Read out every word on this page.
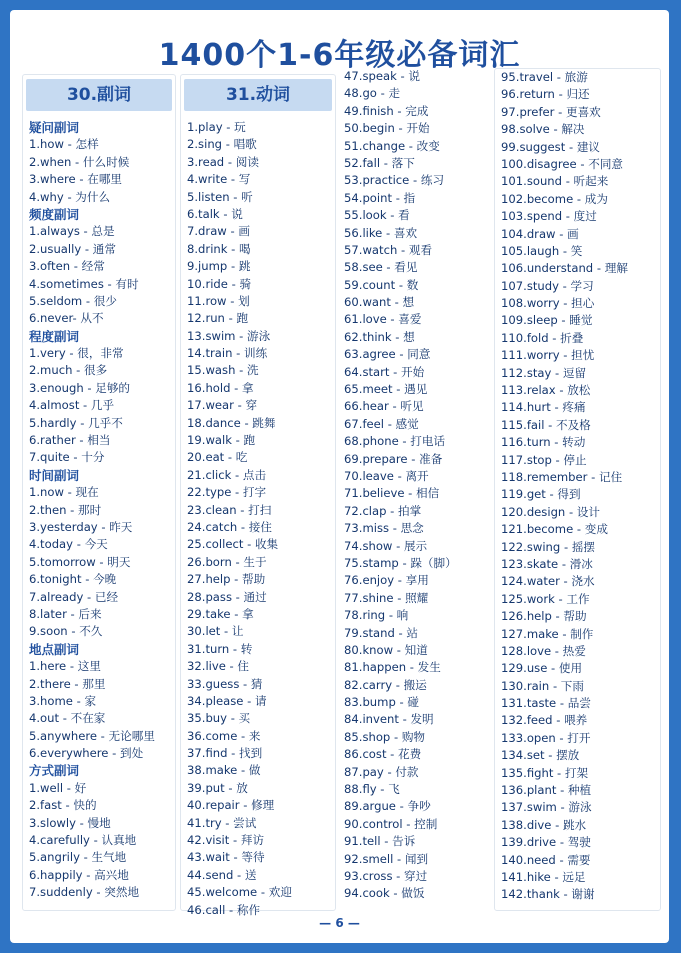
1400个1-6年级必备词汇
30.副词
疑问副词
1.how - 怎样
2.when - 什么时候
3.where - 在哪里
4.why - 为什么
频度副词
1.always - 总是
2.usually - 通常
3.often - 经常
4.sometimes - 有时
5.seldom - 很少
6.never- 从不
程度副词
1.very - 很，非常
2.much - 很多
3.enough - 足够的
4.almost - 几乎
5.hardly - 几乎不
6.rather - 相当
7.quite - 十分
时间副词
1.now - 现在
2.then - 那时
3.yesterday - 昨天
4.today - 今天
5.tomorrow - 明天
6.tonight - 今晚
7.already - 已经
8.later - 后来
9.soon - 不久
地点副词
1.here - 这里
2.there - 那里
3.home - 家
4.out - 不在家
5.anywhere - 无论哪里
6.everywhere - 到处
方式副词
1.well - 好
2.fast - 快的
3.slowly - 慢地
4.carefully - 认真地
5.angrily - 生气地
6.happily - 高兴地
7.suddenly - 突然地
31.动词
1.play - 玩
2.sing - 唱歌
3.read - 阅读
4.write - 写
5.listen - 听
6.talk - 说
7.draw - 画
8.drink - 喝
9.jump - 跳
10.ride - 骑
11.row - 划
12.run - 跑
13.swim - 游泳
14.train - 训练
15.wash - 洗
16.hold - 拿
17.wear - 穿
18.dance - 跳舞
19.walk - 跑
20.eat - 吃
21.click - 点击
22.type - 打字
23.clean - 打扫
24.catch - 接住
25.collect - 收集
26.born - 生于
27.help - 帮助
28.pass - 通过
29.take - 拿
30.let - 让
31.turn - 转
32.live - 住
33.guess - 猜
34.please - 请
35.buy - 买
36.come - 来
37.find - 找到
38.make - 做
39.put - 放
40.repair - 修理
41.try - 尝试
42.visit - 拜访
43.wait - 等待
44.send - 送
45.welcome - 欢迎
46.call - 称作
47.speak - 说
48.go - 走
49.finish - 完成
50.begin - 开始
51.change - 改变
52.fall - 落下
53.practice - 练习
54.point - 指
55.look - 看
56.like - 喜欢
57.watch - 观看
58.see - 看见
59.count - 数
60.want - 想
61.love - 喜爱
62.think - 想
63.agree - 同意
64.start - 开始
65.meet - 遇见
66.hear - 听见
67.feel - 感觉
68.phone - 打电话
69.prepare - 准备
70.leave - 离开
71.believe - 相信
72.clap - 拍掌
73.miss - 思念
74.show - 展示
75.stamp - 跺（脚）
76.enjoy - 享用
77.shine - 照耀
78.ring - 响
79.stand - 站
80.know - 知道
81.happen - 发生
82.carry - 搬运
83.bump - 碰
84.invent - 发明
85.shop - 购物
86.cost - 花费
87.pay - 付款
88.fly - 飞
89.argue - 争吵
90.control - 控制
91.tell - 告诉
92.smell - 闻到
93.cross - 穿过
94.cook - 做饭
95.travel - 旅游
96.return - 归还
97.prefer - 更喜欢
98.solve - 解决
99.suggest - 建议
100.disagree - 不同意
101.sound - 听起来
102.become - 成为
103.spend - 度过
104.draw - 画
105.laugh - 笑
106.understand - 理解
107.study - 学习
108.worry - 担心
109.sleep - 睡觉
110.fold - 折叠
111.worry - 担忧
112.stay - 逗留
113.relax - 放松
114.hurt - 疼痛
115.fail - 不及格
116.turn - 转动
117.stop - 停止
118.remember - 记住
119.get - 得到
120.design - 设计
121.become - 变成
122.swing - 摇摆
123.skate - 滑冰
124.water - 浇水
125.work - 工作
126.help - 帮助
127.make - 制作
128.love - 热爱
129.use - 使用
130.rain - 下雨
131.taste - 品尝
132.feed - 喂养
133.open - 打开
134.set - 摆放
135.fight - 打架
136.plant - 种植
137.swim - 游泳
138.dive - 跳水
139.drive - 驾驶
140.need - 需要
141.hike - 远足
142.thank - 谢谢
— 6 —
